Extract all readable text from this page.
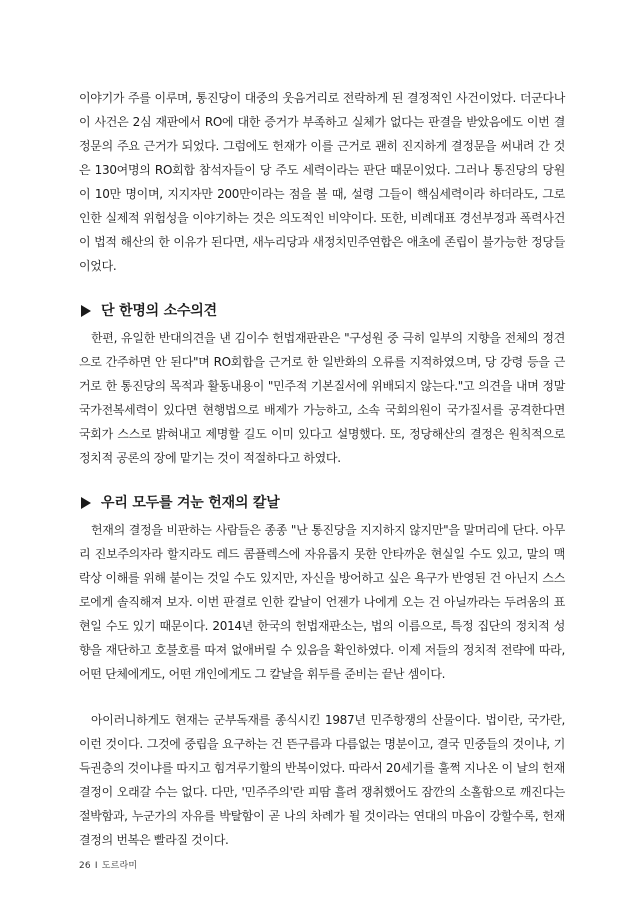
이야기가 주를 이루며, 통진당이 대중의 웃음거리로 전락하게 된 결정적인 사건이었다. 더군다나 이 사건은 2심 재판에서 RO에 대한 증거가 부족하고 실체가 없다는 판결을 받았음에도 이번 결정문의 주요 근거가 되었다. 그럼에도 헌재가 이를 근거로 괜히 진지하게 결정문을 써내려 간 것은 130여명의 RO회합 참석자들이 당 주도 세력이라는 판단 때문이었다. 그러나 통진당의 당원이 10만 명이며, 지지자만 200만이라는 점을 볼 때, 설령 그들이 핵심세력이라 하더라도, 그로 인한 실제적 위험성을 이야기하는 것은 의도적인 비약이다. 또한, 비례대표 경선부정과 폭력사건이 법적 해산의 한 이유가 된다면, 새누리당과 새정치민주연합은 애초에 존립이 불가능한 정당들이었다.

단 한명의 소수의견

한편, 유일한 반대의견을 낸 김이수 헌법재판관은 "구성원 중 극히 일부의 지향을 전체의 정견으로 간주하면 안 된다"며 RO회합을 근거로 한 일반화의 오류를 지적하였으며, 당 강령 등을 근거로 한 통진당의 목적과 활동내용이 "민주적 기본질서에 위배되지 않는다."고 의견을 내며 정말 국가전복세력이 있다면 현행법으로 배제가 가능하고, 소속 국회의원이 국가질서를 공격한다면 국회가 스스로 밝혀내고 제명할 길도 이미 있다고 설명했다. 또, 정당해산의 결정은 원칙적으로 정치적 공론의 장에 맡기는 것이 적절하다고 하였다.

우리 모두를 겨눈 헌재의 칼날

헌재의 결정을 비판하는 사람들은 종종 "난 통진당을 지지하지 않지만"을 말머리에 단다. 아무리 진보주의자라 할지라도 레드 콤플렉스에 자유롭지 못한 안타까운 현실일 수도 있고, 말의 맥락상 이해를 위해 붙이는 것일 수도 있지만, 자신을 방어하고 싶은 욕구가 반영된 건 아닌지 스스로에게 솔직해져 보자. 이번 판결로 인한 칼날이 언젠가 나에게 오는 건 아닐까라는 두려움의 표현일 수도 있기 때문이다. 2014년 한국의 헌법재판소는, 법의 이름으로, 특정 집단의 정치적 성향을 재단하고 호불호를 따져 없애버릴 수 있음을 확인하였다. 이제 저들의 정치적 전략에 따라, 어떤 단체에게도, 어떤 개인에게도 그 칼날을 휘두를 준비는 끝난 셈이다.

아이러니하게도 현재는 군부독재를 종식시킨 1987년 민주항쟁의 산물이다. 법이란, 국가란, 이런 것이다. 그것에 중립을 요구하는 건 뜬구름과 다름없는 명분이고, 결국 민중들의 것이냐, 기득권층의 것이냐를 따지고 힘겨루기할의 반복이었다. 따라서 20세기를 훌쩍 지나온 이 날의 헌재 결정이 오래갈 수는 없다. 다만, '민주주의'란 피땀 흘려 쟁취했어도 잠깐의 소홀함으로 깨진다는 절박함과, 누군가의 자유를 박탈함이 곧 나의 차례가 될 것이라는 연대의 마음이 강할수록, 헌재 결정의 번복은 빨라질 것이다.

26 I 도르라미
